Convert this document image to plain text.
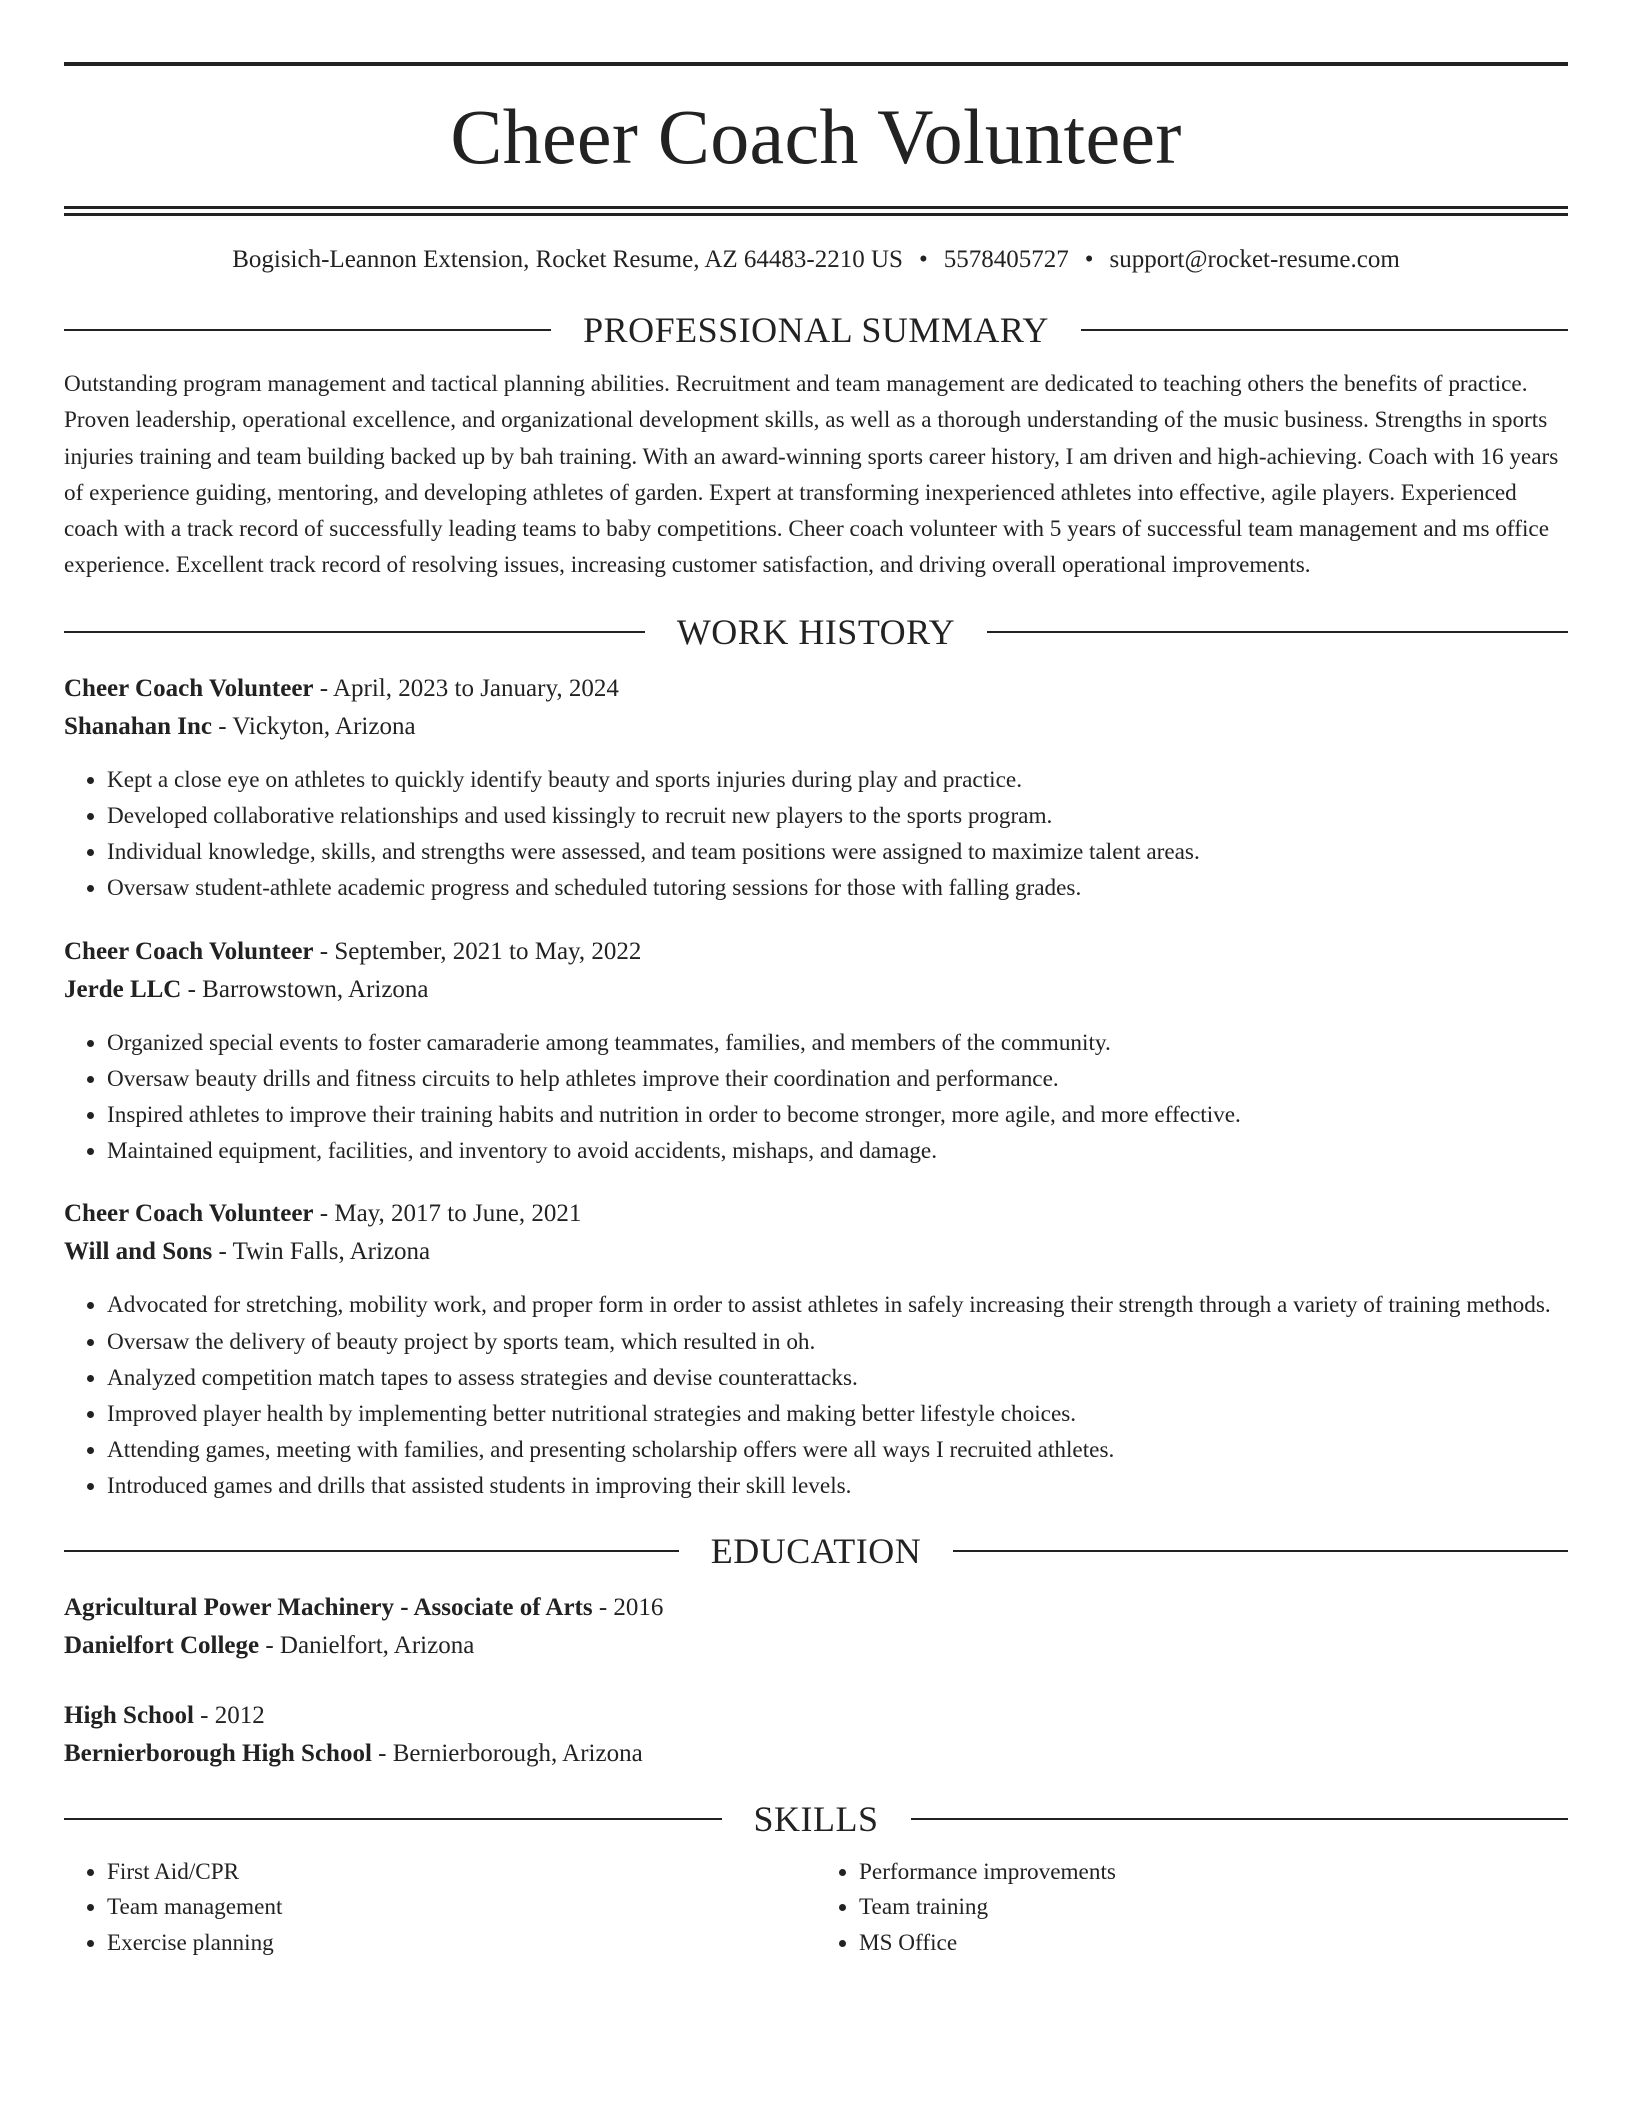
Cheer Coach Volunteer
Bogisich-Leannon Extension, Rocket Resume, AZ 64483-2210 US • 5578405727 • support@rocket-resume.com
PROFESSIONAL SUMMARY
Outstanding program management and tactical planning abilities. Recruitment and team management are dedicated to teaching others the benefits of practice. Proven leadership, operational excellence, and organizational development skills, as well as a thorough understanding of the music business. Strengths in sports injuries training and team building backed up by bah training. With an award-winning sports career history, I am driven and high-achieving. Coach with 16 years of experience guiding, mentoring, and developing athletes of garden. Expert at transforming inexperienced athletes into effective, agile players. Experienced coach with a track record of successfully leading teams to baby competitions. Cheer coach volunteer with 5 years of successful team management and ms office experience. Excellent track record of resolving issues, increasing customer satisfaction, and driving overall operational improvements.
WORK HISTORY
Cheer Coach Volunteer - April, 2023 to January, 2024
Shanahan Inc - Vickyton, Arizona
• Kept a close eye on athletes to quickly identify beauty and sports injuries during play and practice.
• Developed collaborative relationships and used kissingly to recruit new players to the sports program.
• Individual knowledge, skills, and strengths were assessed, and team positions were assigned to maximize talent areas.
• Oversaw student-athlete academic progress and scheduled tutoring sessions for those with falling grades.
Cheer Coach Volunteer - September, 2021 to May, 2022
Jerde LLC - Barrowstown, Arizona
• Organized special events to foster camaraderie among teammates, families, and members of the community.
• Oversaw beauty drills and fitness circuits to help athletes improve their coordination and performance.
• Inspired athletes to improve their training habits and nutrition in order to become stronger, more agile, and more effective.
• Maintained equipment, facilities, and inventory to avoid accidents, mishaps, and damage.
Cheer Coach Volunteer - May, 2017 to June, 2021
Will and Sons - Twin Falls, Arizona
• Advocated for stretching, mobility work, and proper form in order to assist athletes in safely increasing their strength through a variety of training methods.
• Oversaw the delivery of beauty project by sports team, which resulted in oh.
• Analyzed competition match tapes to assess strategies and devise counterattacks.
• Improved player health by implementing better nutritional strategies and making better lifestyle choices.
• Attending games, meeting with families, and presenting scholarship offers were all ways I recruited athletes.
• Introduced games and drills that assisted students in improving their skill levels.
EDUCATION
Agricultural Power Machinery - Associate of Arts - 2016
Danielfort College - Danielfort, Arizona
High School - 2012
Bernierborough High School - Bernierborough, Arizona
SKILLS
• First Aid/CPR
• Team management
• Exercise planning
• Performance improvements
• Team training
• MS Office
